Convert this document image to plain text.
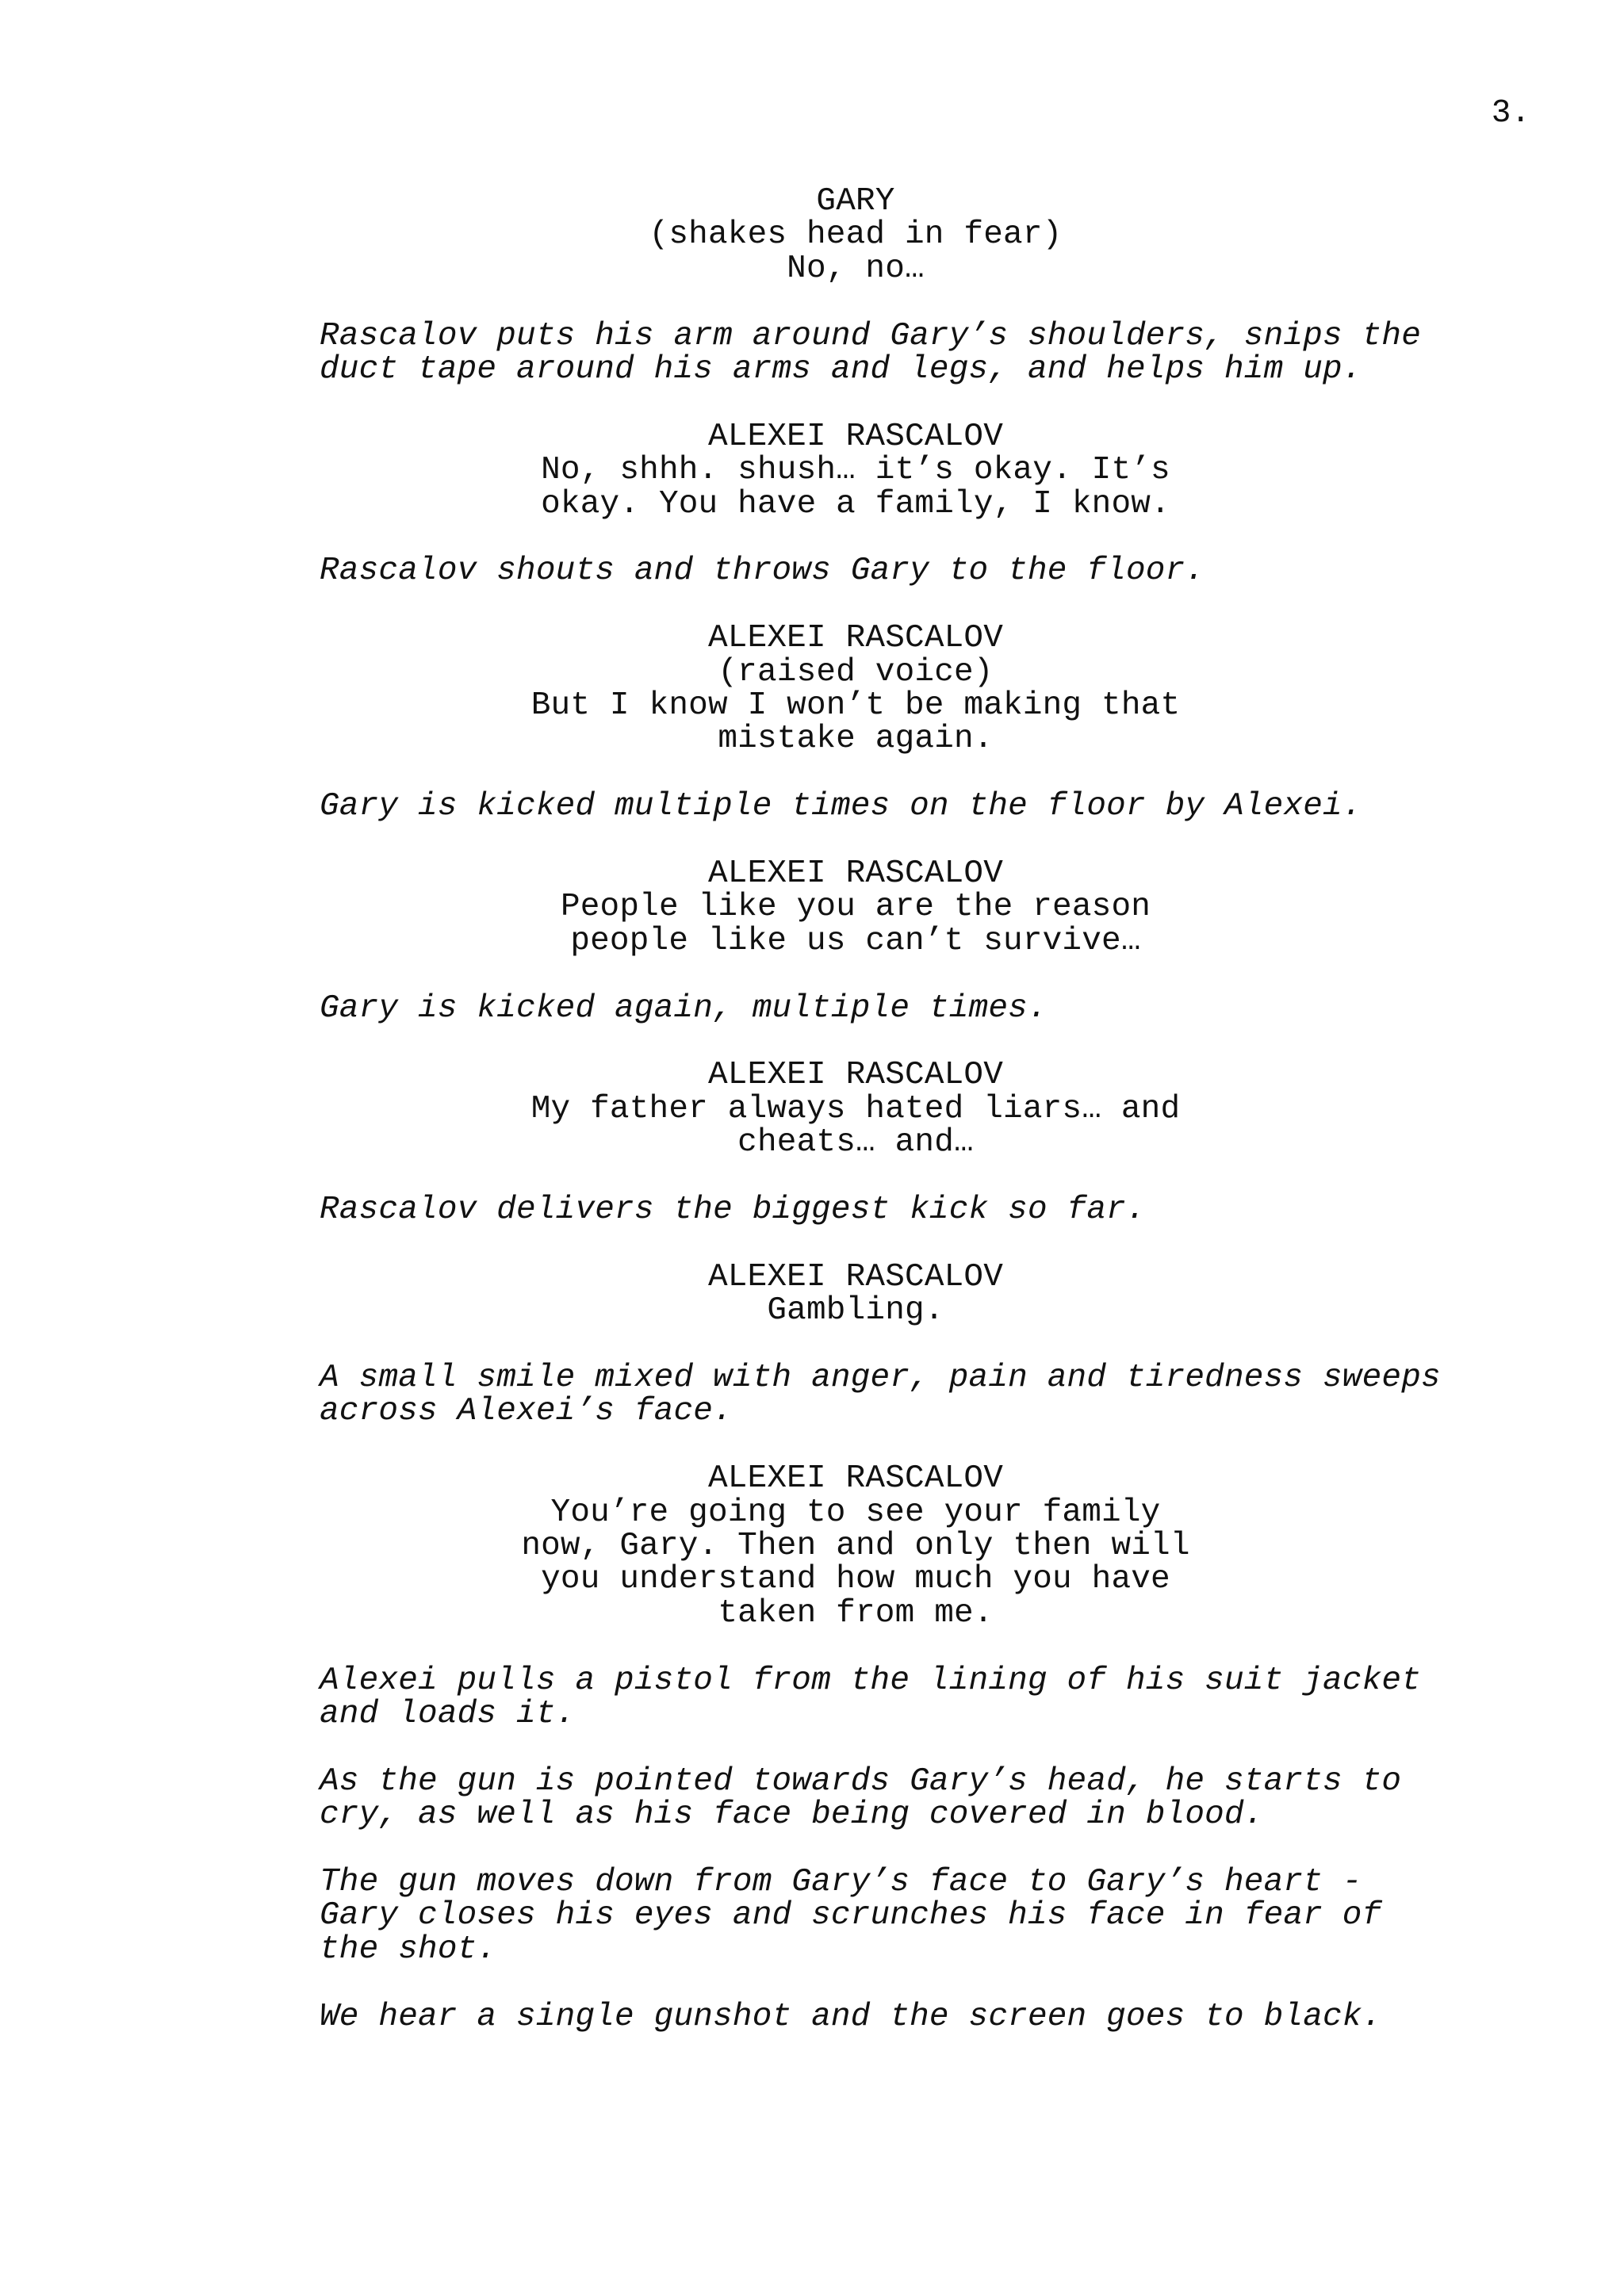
3.
GARY
(shakes head in fear)
No, no…
Rascalov puts his arm around Gary’s shoulders, snips the
duct tape around his arms and legs, and helps him up.
ALEXEI RASCALOV
No, shhh. shush… it’s okay. It’s
okay. You have a family, I know.
Rascalov shouts and throws Gary to the floor.
ALEXEI RASCALOV
(raised voice)
But I know I won’t be making that
mistake again.
Gary is kicked multiple times on the floor by Alexei.
ALEXEI RASCALOV
People like you are the reason
people like us can’t survive…
Gary is kicked again, multiple times.
ALEXEI RASCALOV
My father always hated liars… and
cheats… and…
Rascalov delivers the biggest kick so far.
ALEXEI RASCALOV
Gambling.
A small smile mixed with anger, pain and tiredness sweeps
across Alexei’s face.
ALEXEI RASCALOV
You’re going to see your family
now, Gary. Then and only then will
you understand how much you have
taken from me.
Alexei pulls a pistol from the lining of his suit jacket
and loads it.
As the gun is pointed towards Gary’s head, he starts to
cry, as well as his face being covered in blood.
The gun moves down from Gary’s face to Gary’s heart -
Gary closes his eyes and scrunches his face in fear of
the shot.
We hear a single gunshot and the screen goes to black.
